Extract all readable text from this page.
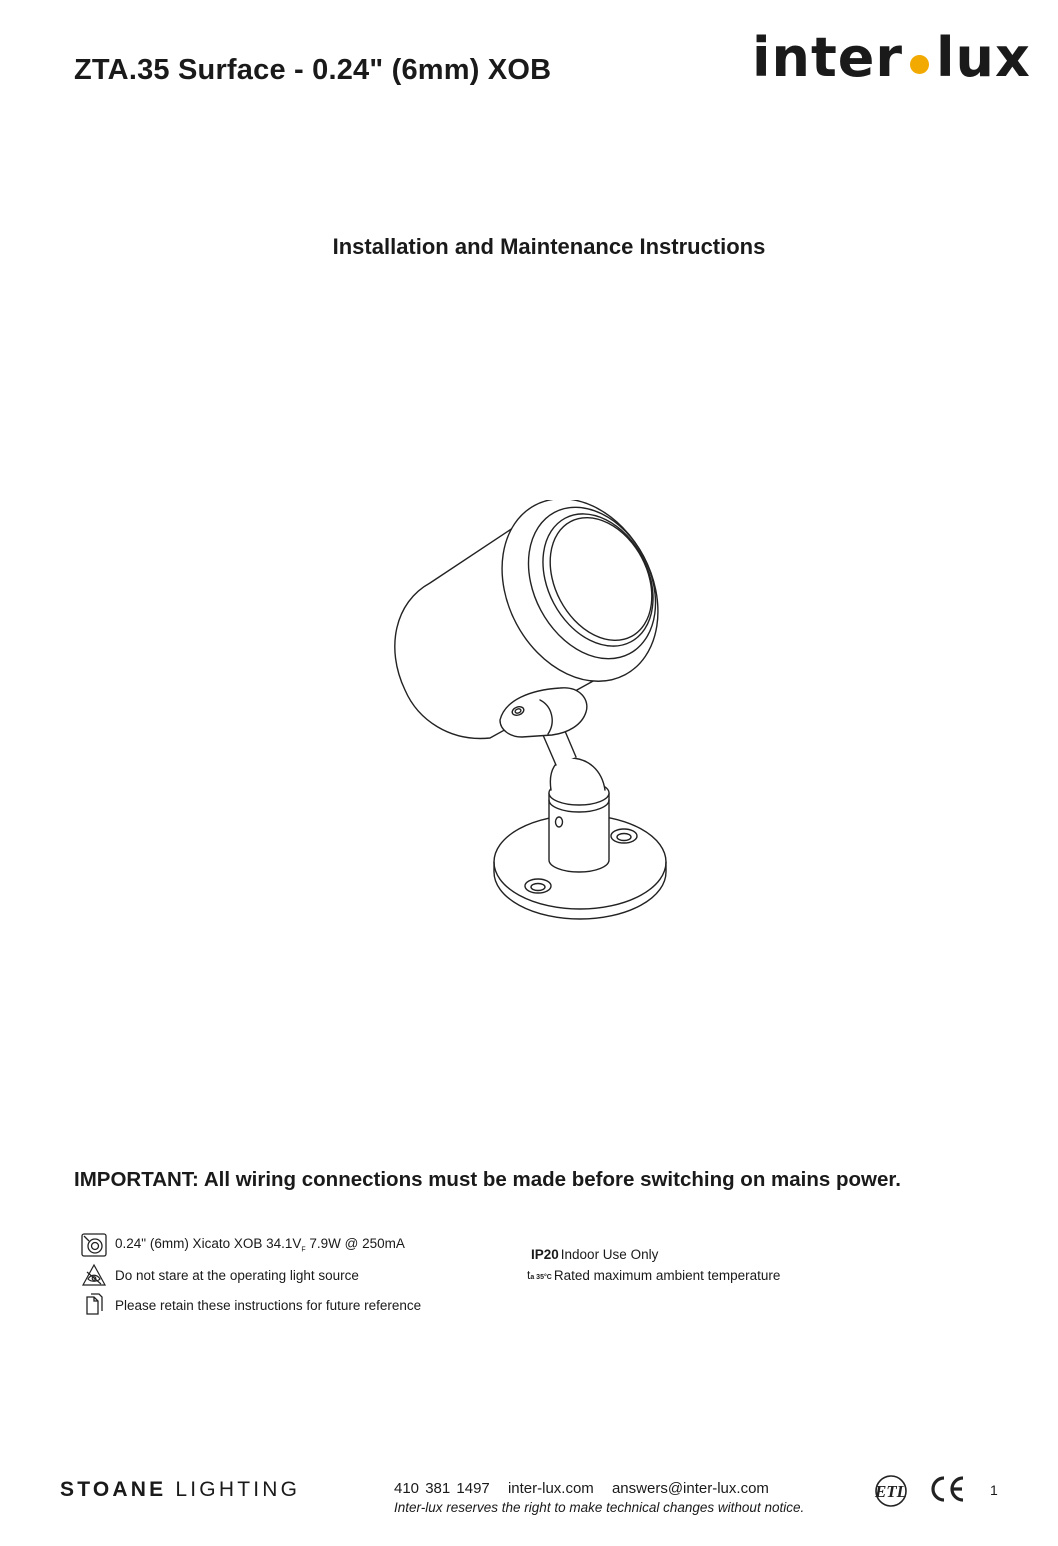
ZTA.35 Surface - 0.24" (6mm) XOB	inter lux
Installation and Maintenance Instructions
IMPORTANT: All wiring connections must be made before switching on mains power.
0.24" (6mm) Xicato XOB $34.1V_F$ 7.9W @ 250mA
Do not stare at the operating light source
Please retain these instructions for future reference
IP20 Indoor Use Only
ta 35°C Rated maximum ambient temperature
STOANE LIGHTING	410 381 1497 inter-lux.com answers@inter-lux.com
Inter-lux reserves the right to make technical changes without notice.
ETL	1
